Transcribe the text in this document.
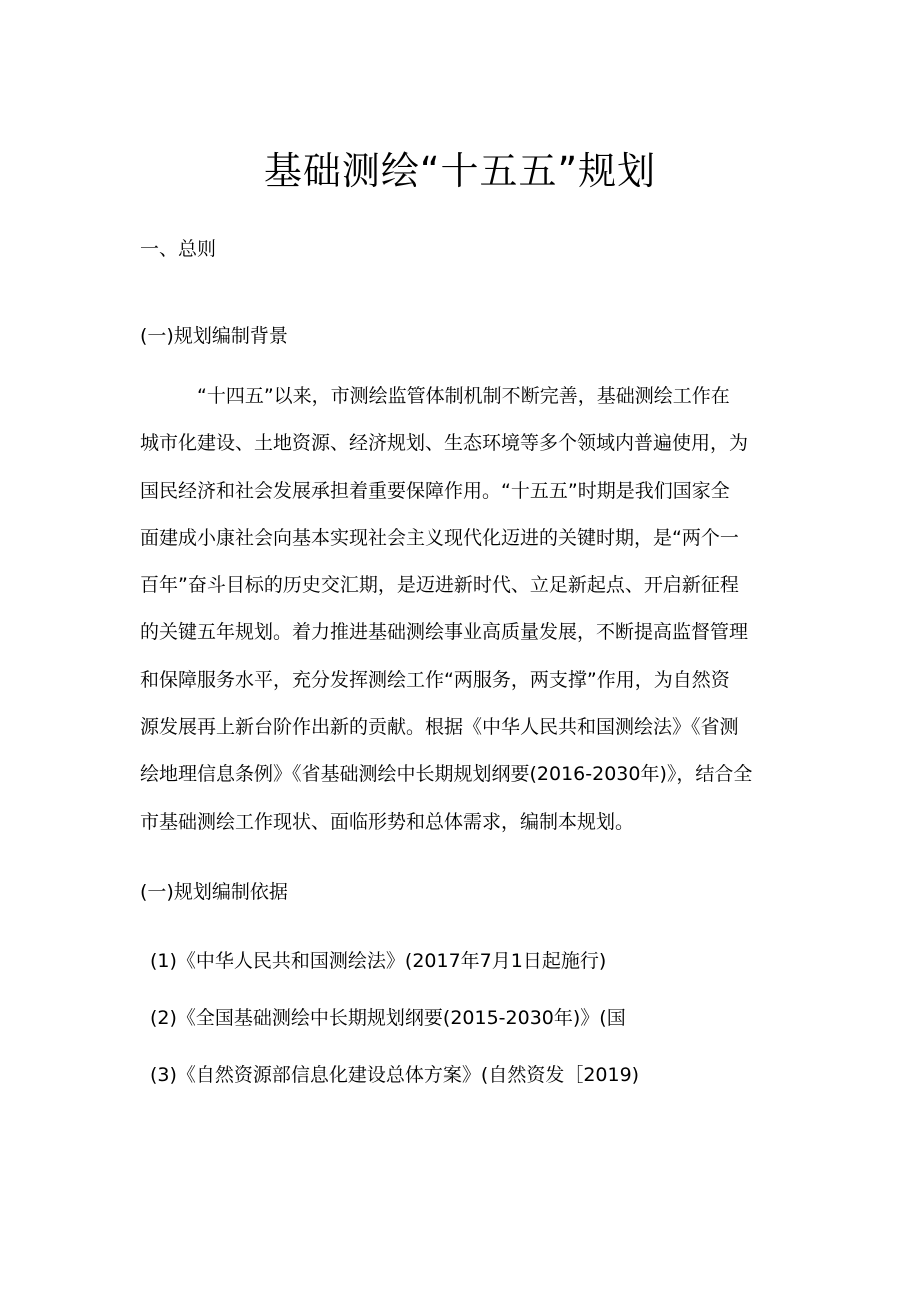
基础测绘“十五五”规划
一、总则
(一)规划编制背景
“十四五”以来，市测绘监管体制机制不断完善，基础测绘工作在
城市化建设、土地资源、经济规划、生态环境等多个领域内普遍使用，为
国民经济和社会发展承担着重要保障作用。“十五五”时期是我们国家全
面建成小康社会向基本实现社会主义现代化迈进的关键时期，是“两个一
百年”奋斗目标的历史交汇期，是迈进新时代、立足新起点、开启新征程
的关键五年规划。着力推进基础测绘事业高质量发展，不断提高监督管理
和保障服务水平，充分发挥测绘工作“两服务，两支撑”作用，为自然资
源发展再上新台阶作出新的贡献。根据《中华人民共和国测绘法》《省测
绘地理信息条例》《省基础测绘中长期规划纲要(2016-2030年)》，结合全
市基础测绘工作现状、面临形势和总体需求，编制本规划。
(一)规划编制依据
(1)《中华人民共和国测绘法》(2017年7月1日起施行)
(2)《全国基础测绘中长期规划纲要(2015-2030年)》(国
(3)《自然资源部信息化建设总体方案》(自然资发［2019)
